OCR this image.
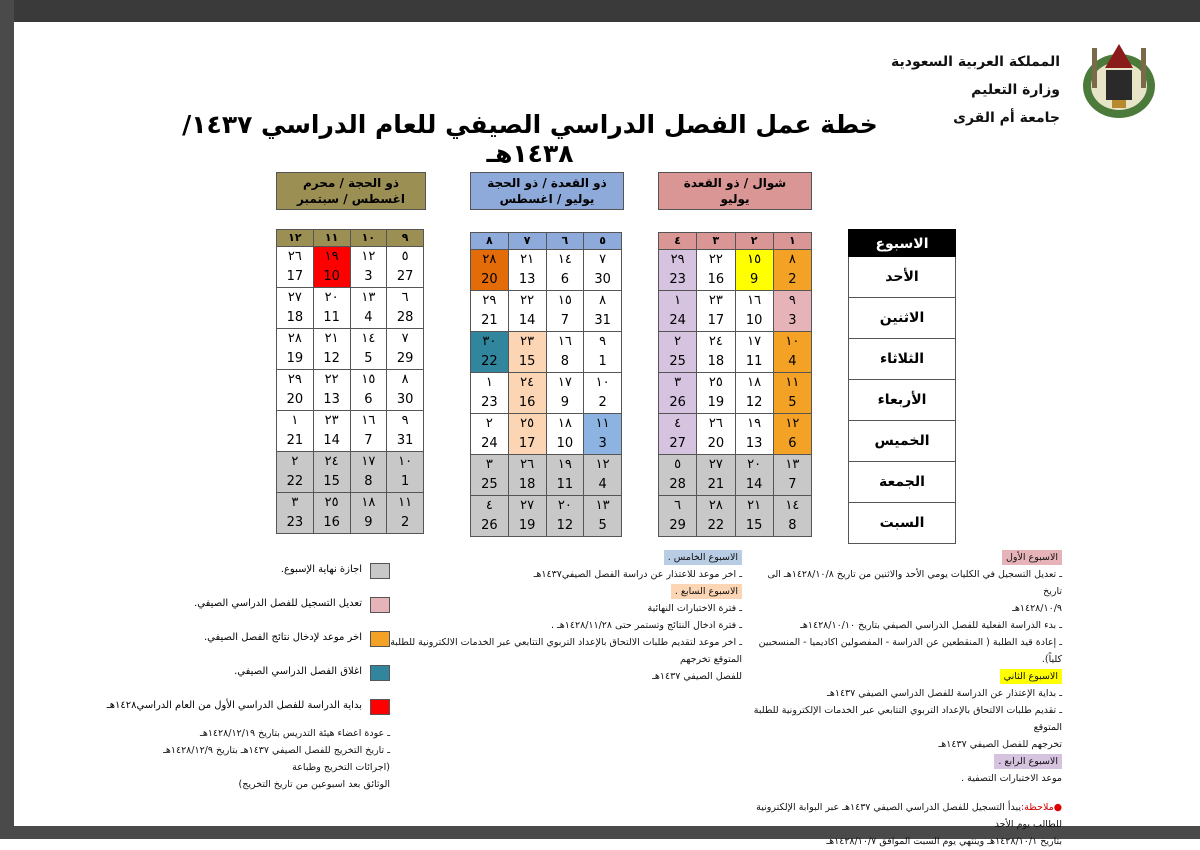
المملكة العربية السعودية
وزارة التعليم
جامعة أم القرى
خطة عمل الفصل الدراسي الصيفي للعام الدراسي ١٤٣٧/ ١٤٣٨هـ
ذو الحجة / محرم
اغسطس / سبتمبر
ذو القعدة / ذو الحجة
يوليو / اغسطس
شوال / ذو القعدة
يوليو
١٢	١١	١٠	٩
٢٦	١٩	١٢	٥
17	10	3	27
٢٧	٢٠	١٣	٦
18	11	4	28
٢٨	٢١	١٤	٧
19	12	5	29
٢٩	٢٢	١٥	٨
20	13	6	30
١	٢٣	١٦	٩
21	14	7	31
٢	٢٤	١٧	١٠
22	15	8	1
٣	٢٥	١٨	١١
23	16	9	2
٨	٧	٦	٥
٢٨	٢١	١٤	٧
20	13	6	30
٢٩	٢٢	١٥	٨
21	14	7	31
٣٠	٢٣	١٦	٩
22	15	8	1
١	٢٤	١٧	١٠
23	16	9	2
٢	٢٥	١٨	١١
24	17	10	3
٣	٢٦	١٩	١٢
25	18	11	4
٤	٢٧	٢٠	١٣
26	19	12	5
٤	٣	٢	١
٢٩	٢٢	١٥	٨
23	16	9	2
١	٢٣	١٦	٩
24	17	10	3
٢	٢٤	١٧	١٠
25	18	11	4
٣	٢٥	١٨	١١
26	19	12	5
٤	٢٦	١٩	١٢
27	20	13	6
٥	٢٧	٢٠	١٣
28	21	14	7
٦	٢٨	٢١	١٤
29	22	15	8
الاسبوع
الأحد
الاثنين
الثلاثاء
الأربعاء
الخميس
الجمعة
السبت
اجازة نهاية الإسبوع.
تعديل التسجيل للفصل الدراسي الصيفي.
اخر موعد لإدخال نتائج الفصل الصيفي.
اغلاق الفصل الدراسي الصيفي.
بداية الدراسة للفصل الدراسي الأول من العام الدراسي١٤٢٨هـ
ـ عودة اعضاء هيئة التدريس بتاريخ ١٤٢٨/١٢/١٩هـ
ـ تاريخ التخريج للفصل الصيفي ١٤٣٧هـ بتاريخ ١٤٢٨/١٢/٩هـ (اجرائات التخريج وطباعة
الوثائق بعد اسبوعين من تاريخ التخريج)
الاسبوع الخامس .
ـ اخر موعد للاعتذار عن دراسة الفصل الصيفي١٤٣٧هـ
الاسبوع السابع .
ـ فترة الاختبارات النهائية
ـ فترة ادخال النتائج وتستمر حتى ١٤٢٨/١١/٢٨هـ .
ـ اخر موعد لتقديم طلبات الالتحاق بالإعداد التربوي التتابعي عبر الخدمات الالكترونية للطلبة المتوقع تخرجهم
للفصل الصيفي ١٤٣٧هـ
الاسبوع الأول
ـ تعديل التسجيل في الكليات يومي الأحد والاثنين من تاريخ ١٤٢٨/١٠/٨هـ الى تاريخ
١٤٢٨/١٠/٩هـ
ـ بدء الدراسة الفعلية للفصل الدراسي الصيفي بتاريخ ١٤٢٨/١٠/١٠هـ
ـ إعادة قيد الطلبة ( المنقطعين عن الدراسة - المفصولين اكاديميا - المنسحبين كلياً).
الاسبوع الثاني
ـ بداية الإعتذار عن الدراسة للفصل الدراسي الصيفي ١٤٣٧هـ
ـ تقديم طلبات الالتحاق بالإعداد التربوي التتابعي عبر الخدمات الإلكترونية للطلبة المتوقع
تخرجهم للفصل الصيفي ١٤٣٧هـ
الاسبوع الرابع .
موعد الاختبارات التصفية .
●ملاحظة:يبدأ التسجيل للفصل الدراسي الصيفي ١٤٣٧هـ عبر البوابة الإلكترونية للطالب يوم الأحد
بتاريخ ١٤٢٨/١٠/١هـ وينتهي يوم السبت الموافق ١٤٢٨/١٠/٧هـ
